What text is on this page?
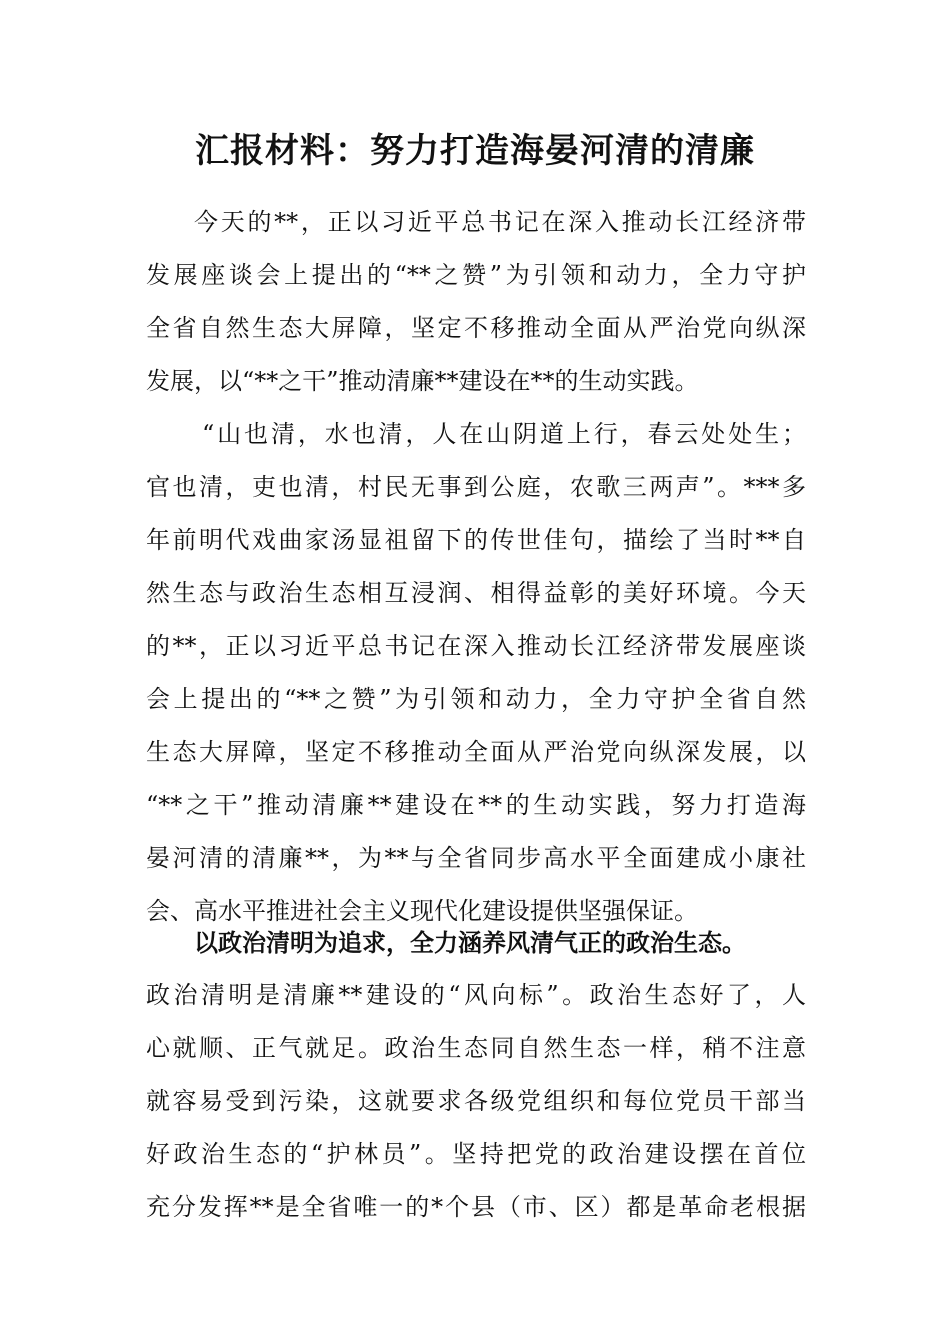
汇报材料：努力打造海晏河清的清廉
今天的**，正以习近平总书记在深入推动长江经济带
发展座谈会上提出的“**之赞”为引领和动力，全力守护
全省自然生态大屏障，坚定不移推动全面从严治党向纵深
发展，以“**之干”推动清廉**建设在**的生动实践。
“山也清，水也清，人在山阴道上行，春云处处生；
官也清，吏也清，村民无事到公庭，农歌三两声”。***多
年前明代戏曲家汤显祖留下的传世佳句，描绘了当时**自
然生态与政治生态相互浸润、相得益彰的美好环境。今天
的**，正以习近平总书记在深入推动长江经济带发展座谈
会上提出的“**之赞”为引领和动力，全力守护全省自然
生态大屏障，坚定不移推动全面从严治党向纵深发展，以
“**之干”推动清廉**建设在**的生动实践，努力打造海
晏河清的清廉**，为**与全省同步高水平全面建成小康社
会、高水平推进社会主义现代化建设提供坚强保证。
以政治清明为追求，全力涵养风清气正的政治生态。
政治清明是清廉**建设的“风向标”。政治生态好了，人
心就顺、正气就足。政治生态同自然生态一样，稍不注意
就容易受到污染，这就要求各级党组织和每位党员干部当
好政治生态的“护林员”。坚持把党的政治建设摆在首位
充分发挥**是全省唯一的*个县（市、区）都是革命老根据
